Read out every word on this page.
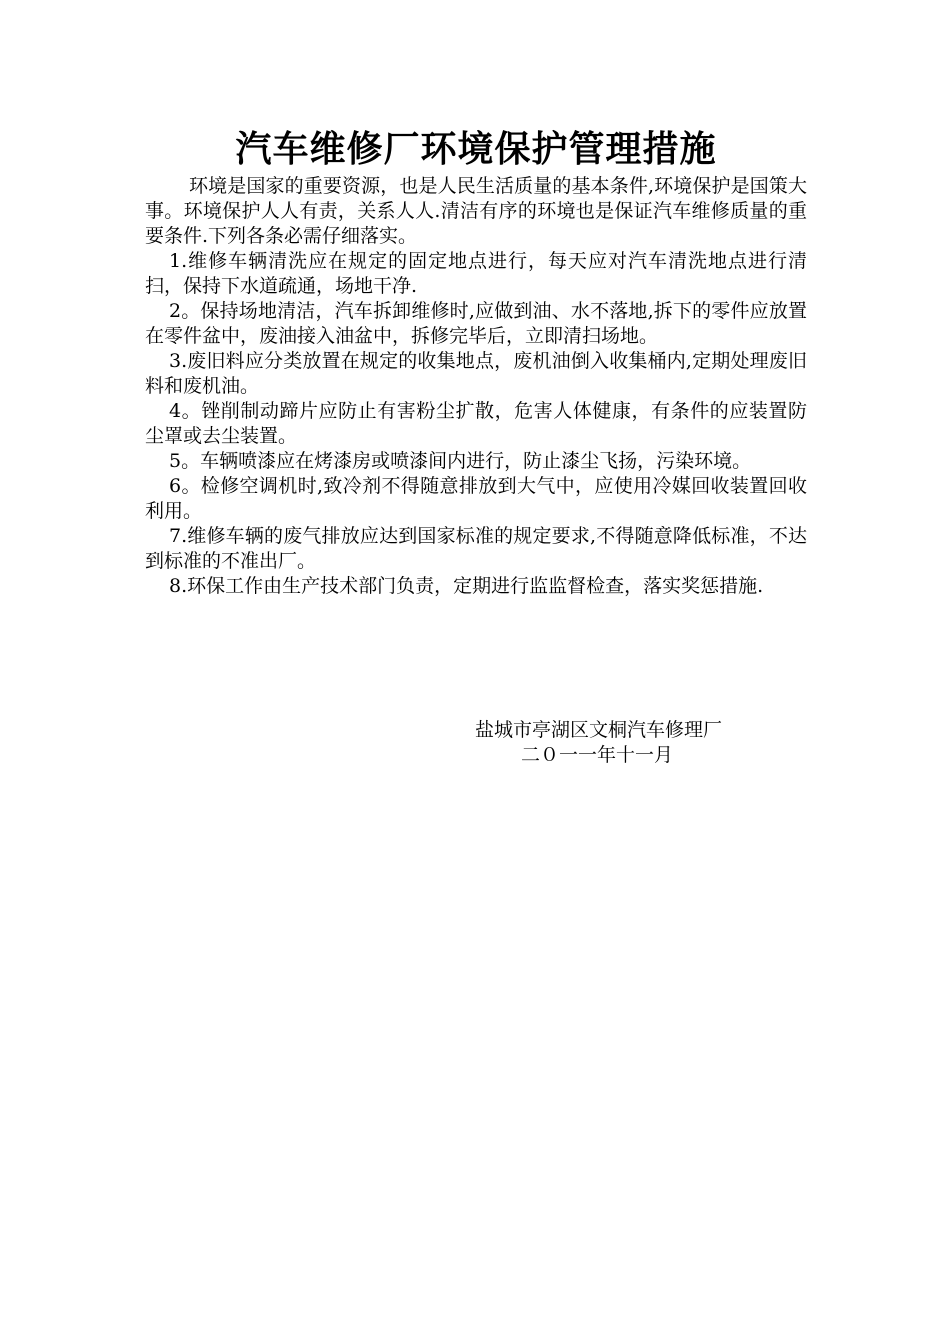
汽车维修厂环境保护管理措施

环境是国家的重要资源，也是人民生活质量的基本条件,环境保护是国策大事。环境保护人人有责，关系人人.清洁有序的环境也是保证汽车维修质量的重要条件.下列各条必需仔细落实。

1.维修车辆清洗应在规定的固定地点进行，每天应对汽车清洗地点进行清扫，保持下水道疏通，场地干净.

2。保持场地清洁，汽车拆卸维修时,应做到油、水不落地,拆下的零件应放置在零件盆中，废油接入油盆中，拆修完毕后，立即清扫场地。

3.废旧料应分类放置在规定的收集地点，废机油倒入收集桶内,定期处理废旧料和废机油。

4。锉削制动蹄片应防止有害粉尘扩散，危害人体健康，有条件的应装置防尘罩或去尘装置。

5。车辆喷漆应在烤漆房或喷漆间内进行，防止漆尘飞扬，污染环境。

6。检修空调机时,致冷剂不得随意排放到大气中，应使用冷媒回收装置回收利用。

7.维修车辆的废气排放应达到国家标准的规定要求,不得随意降低标准，不达到标准的不准出厂。

8.环保工作由生产技术部门负责，定期进行监监督检查，落实奖惩措施.

盐城市亭湖区文桐汽车修理厂

二０一一年十一月
